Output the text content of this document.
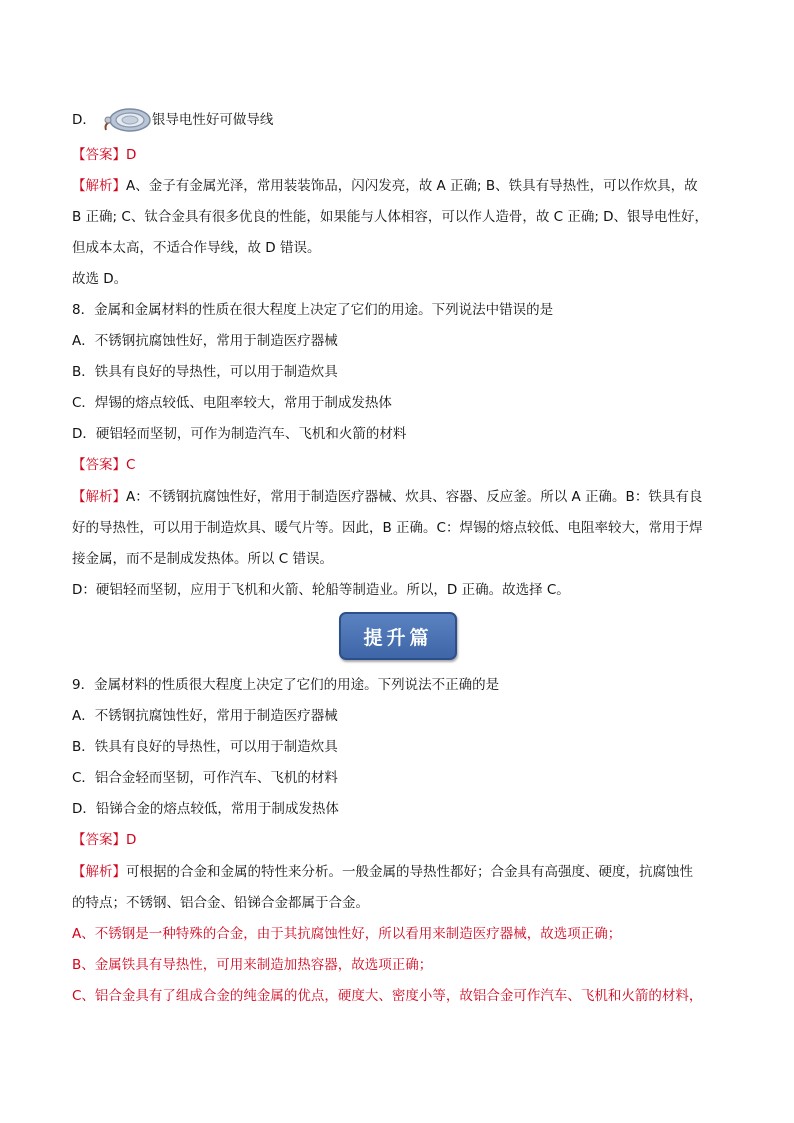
D．	银导电性好可做导线
【答案】D
【解析】A、金子有金属光泽，常用装装饰品，闪闪发亮，故 A 正确; B、铁具有导热性，可以作炊具，故
B 正确; C、钛合金具有很多优良的性能，如果能与人体相容，可以作人造骨，故 C 正确; D、银导电性好，
但成本太高，不适合作导线，故 D 错误。
故选 D。
8．金属和金属材料的性质在很大程度上决定了它们的用途。下列说法中错误的是
A．不锈钢抗腐蚀性好，常用于制造医疗器械
B．铁具有良好的导热性，可以用于制造炊具
C．焊锡的熔点较低、电阻率较大，常用于制成发热体
D．硬铝轻而坚韧，可作为制造汽车、飞机和火箭的材料
【答案】C
【解析】A：不锈钢抗腐蚀性好，常用于制造医疗器械、炊具、容器、反应釜。所以 A 正确。B：铁具有良
好的导热性，可以用于制造炊具、暖气片等。因此，B 正确。C：焊锡的熔点较低、电阻率较大，常用于焊
接金属，而不是制成发热体。所以 C 错误。
D：硬铝轻而坚韧，应用于飞机和火箭、轮船等制造业。所以，D 正确。故选择 C。
提升篇
9．金属材料的性质很大程度上决定了它们的用途。下列说法不正确的是
A．不锈钢抗腐蚀性好，常用于制造医疗器械
B．铁具有良好的导热性，可以用于制造炊具
C．铝合金轻而坚韧，可作汽车、飞机的材料
D．铅锑合金的熔点较低，常用于制成发热体
【答案】D
【解析】可根据的合金和金属的特性来分析。一般金属的导热性都好；合金具有高强度、硬度，抗腐蚀性
的特点；不锈钢、铝合金、铅锑合金都属于合金。
A、不锈钢是一种特殊的合金，由于其抗腐蚀性好，所以看用来制造医疗器械，故选项正确；
B、金属铁具有导热性，可用来制造加热容器，故选项正确；
C、铝合金具有了组成合金的纯金属的优点，硬度大、密度小等，故铝合金可作汽车、飞机和火箭的材料，
